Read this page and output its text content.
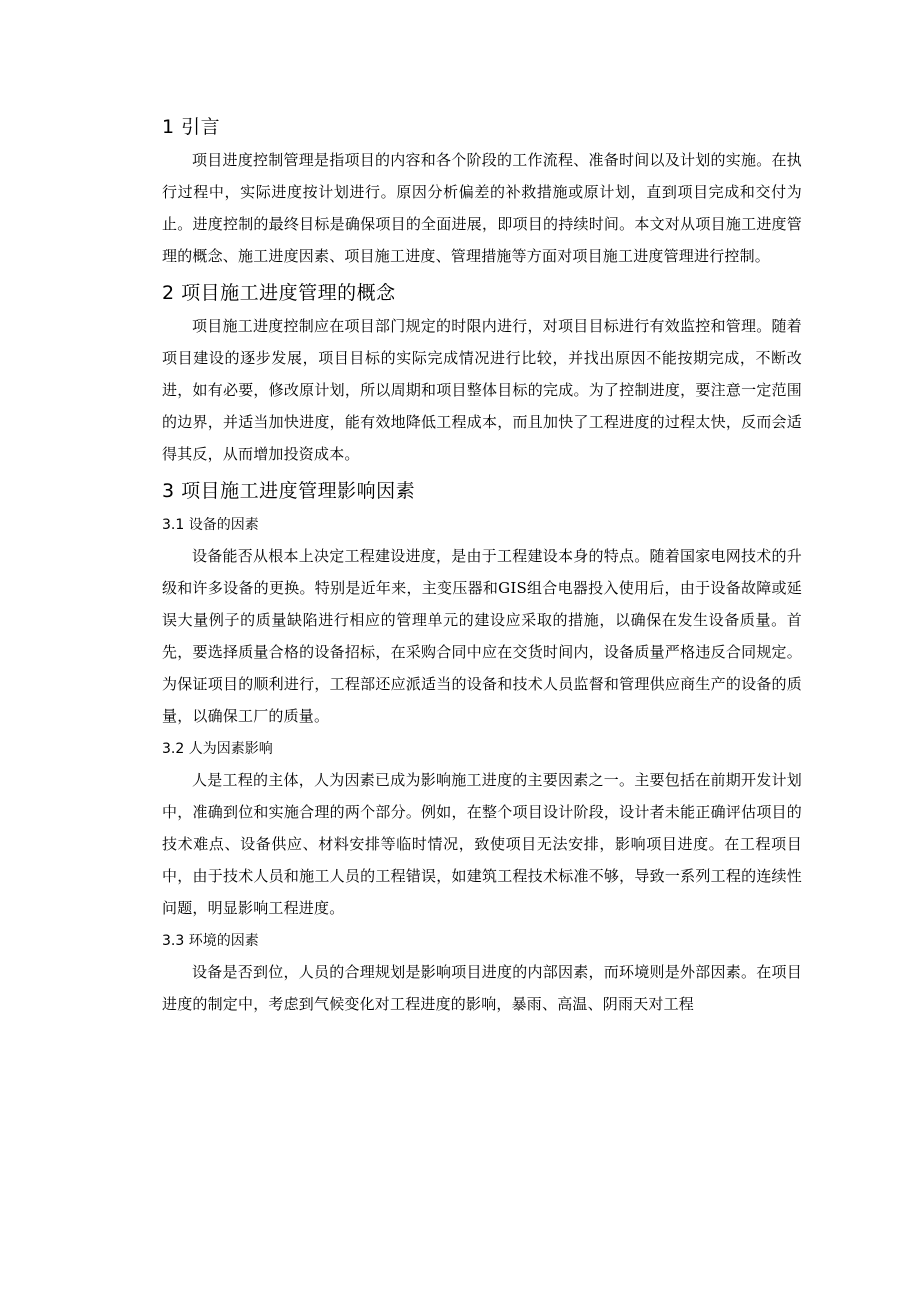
1 引言

项目进度控制管理是指项目的内容和各个阶段的工作流程、准备时间以及计划的实施。在执行过程中，实际进度按计划进行。原因分析偏差的补救措施或原计划，直到项目完成和交付为止。进度控制的最终目标是确保项目的全面进展，即项目的持续时间。本文对从项目施工进度管理的概念、施工进度因素、项目施工进度、管理措施等方面对项目施工进度管理进行控制。

2 项目施工进度管理的概念

项目施工进度控制应在项目部门规定的时限内进行，对项目目标进行有效监控和管理。随着项目建设的逐步发展，项目目标的实际完成情况进行比较，并找出原因不能按期完成，不断改进，如有必要，修改原计划，所以周期和项目整体目标的完成。为了控制进度，要注意一定范围的边界，并适当加快进度，能有效地降低工程成本，而且加快了工程进度的过程太快，反而会适得其反，从而增加投资成本。

3 项目施工进度管理影响因素
3.1 设备的因素

设备能否从根本上决定工程建设进度，是由于工程建设本身的特点。随着国家电网技术的升级和许多设备的更换。特别是近年来，主变压器和GIS组合电器投入使用后，由于设备故障或延误大量例子的质量缺陷进行相应的管理单元的建设应采取的措施，以确保在发生设备质量。首先，要选择质量合格的设备招标，在采购合同中应在交货时间内，设备质量严格违反合同规定。为保证项目的顺利进行，工程部还应派适当的设备和技术人员监督和管理供应商生产的设备的质量，以确保工厂的质量。

3.2 人为因素影响

人是工程的主体，人为因素已成为影响施工进度的主要因素之一。主要包括在前期开发计划中，准确到位和实施合理的两个部分。例如，在整个项目设计阶段，设计者未能正确评估项目的技术难点、设备供应、材料安排等临时情况，致使项目无法安排，影响项目进度。在工程项目中，由于技术人员和施工人员的工程错误，如建筑工程技术标准不够，导致一系列工程的连续性问题，明显影响工程进度。

3.3 环境的因素

设备是否到位，人员的合理规划是影响项目进度的内部因素，而环境则是外部因素。在项目进度的制定中，考虑到气候变化对工程进度的影响，暴雨、高温、阴雨天对工程
